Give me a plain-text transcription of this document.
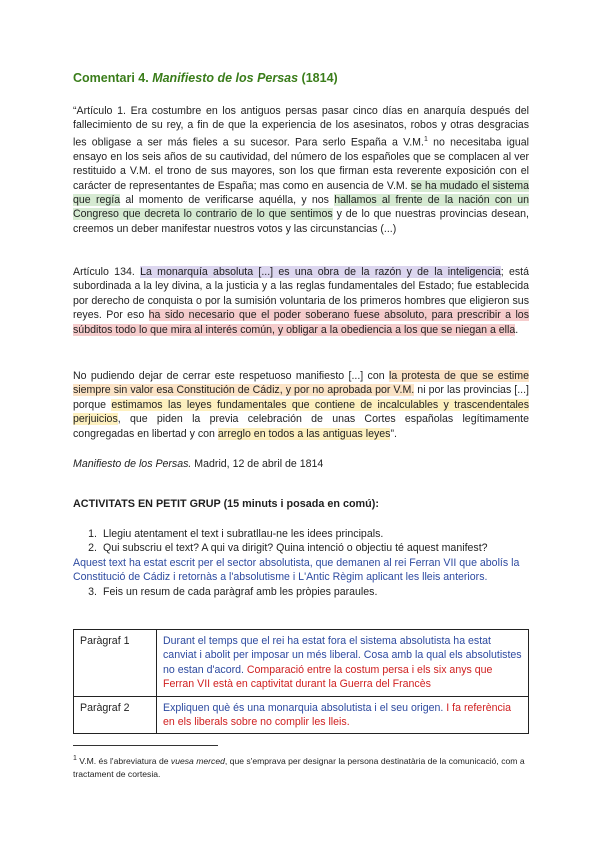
Comentari 4. Manifiesto de los Persas (1814)
“Artículo 1. Era costumbre en los antiguos persas pasar cinco días en anarquía después del fallecimiento de su rey, a fin de que la experiencia de los asesinatos, robos y otras desgracias les obligase a ser más fieles a su sucesor. Para serlo España a V.M.$^1$ no necesitaba igual ensayo en los seis años de su cautividad, del número de los españoles que se complacen al ver restituido a V.M. el trono de sus mayores, son los que firman esta reverente exposición con el carácter de representantes de España; mas como en ausencia de V.M. se ha mudado el sistema que regía al momento de verificarse aquélla, y nos hallamos al frente de la nación con un Congreso que decreta lo contrario de lo que sentimos y de lo que nuestras provincias desean, creemos un deber manifestar nuestros votos y las circunstancias (...)
Artículo 134. La monarquía absoluta [...] es una obra de la razón y de la inteligencia; está subordinada a la ley divina, a la justicia y a las reglas fundamentales del Estado; fue establecida por derecho de conquista o por la sumisión voluntaria de los primeros hombres que eligieron sus reyes. Por eso ha sido necesario que el poder soberano fuese absoluto, para prescribir a los súbditos todo lo que mira al interés común, y obligar a la obediencia a los que se niegan a ella.
No pudiendo dejar de cerrar este respetuoso manifiesto [...] con la protesta de que se estime siempre sin valor esa Constitución de Cádiz, y por no aprobada por V.M. ni por las provincias [...] porque estimamos las leyes fundamentales que contiene de incalculables y trascendentales perjuicios, que piden la previa celebración de unas Cortes españolas legítimamente congregadas en libertad y con arreglo en todos a las antiguas leyes”.
Manifiesto de los Persas. Madrid, 12 de abril de 1814
ACTIVITATS EN PETIT GRUP (15 minuts i posada en comú):
1. Llegiu atentament el text i subratllau-ne les idees principals.
2. Qui subscriu el text? A qui va dirigit? Quina intenció o objectiu té aquest manifest?
Aquest text ha estat escrit per el sector absolutista, que demanen al rei Ferran VII que abolís la Constitució de Cádiz i retornàs a l'absolutisme i L'Antic Règim aplicant les lleis anteriors.
3. Feis un resum de cada paràgraf amb les pròpies paraules.
Paràgraf 1	Durant el temps que el rei ha estat fora el sistema absolutista ha estat canviat i abolit per imposar un més liberal. Cosa amb la qual els absolutistes no estan d'acord. Comparació entre la costum persa i els six anys que Ferran VII està en captivitat durant la Guerra del Francès
Paràgraf 2	Expliquen què és una monarquia absolutista i el seu origen. I fa referència en els liberals sobre no complir les lleis.
$^1$ V.M. és l'abreviatura de vuesa merced, que s'emprava per designar la persona destinatària de la comunicació, com a tractament de cortesia.
